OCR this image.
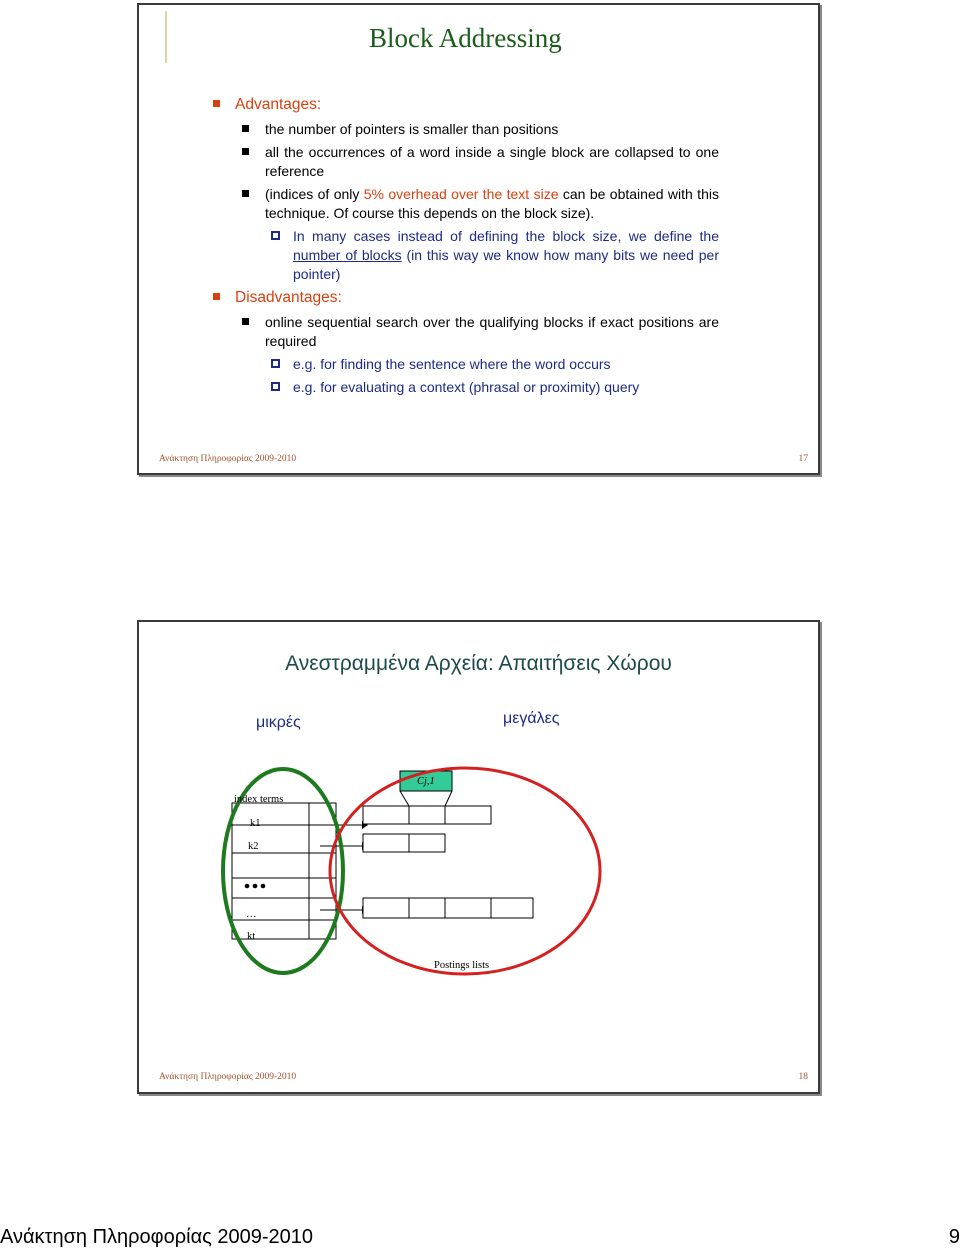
Block Addressing
Advantages:
the number of pointers is smaller than positions
all the occurrences of a word inside a single block are collapsed to one reference
(indices of only 5% overhead over the text size can be obtained with this technique. Of course this depends on the block size).
In many cases instead of defining the block size, we define the number of blocks (in this way we know how many bits we need per pointer)
Disadvantages:
online sequential search over the qualifying blocks if exact positions are required
e.g. for finding the sentence where the word occurs
e.g. for evaluating a context (phrasal or proximity) query
Ανάκτηση Πληροφορίας 2009-2010	17
Ανεστραμμένα Αρχεία: Απαιτήσεις Χώρου
μικρές	μεγάλες
Cj,1
index terms
k1
k2
…
kt
Postings lists
Ανάκτηση Πληροφορίας 2009-2010	18
Ανάκτηση Πληροφορίας 2009-2010	9
